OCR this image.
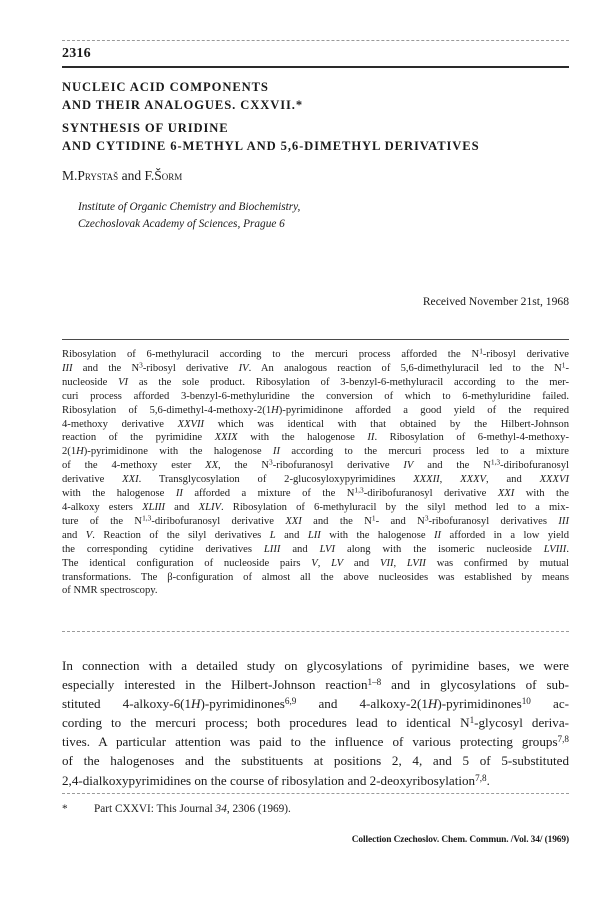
2316
NUCLEIC ACID COMPONENTS
AND THEIR ANALOGUES. CXXVII.*
SYNTHESIS OF URIDINE
AND CYTIDINE 6-METHYL AND 5,6-DIMETHYL DERIVATIVES
M.Prystaš and F.Šorm
Institute of Organic Chemistry and Biochemistry,
Czechoslovak Academy of Sciences, Prague 6
Received November 21st, 1968
Ribosylation of 6-methyluracil according to the mercuri process afforded the $N^1$-ribosyl derivative
III and the $N^3$-ribosyl derivative IV. An analogous reaction of 5,6-dimethyluracil led to the $N^1-$
nucleoside VI as the sole product. Ribosylation of 3-benzyl-6-methyluracil according to the mer-
curi process afforded 3-benzyl-6-methyluridine the conversion of which to 6-methyluridine failed.
Ribosylation of 5,6-dimethyl-4-methoxy-2(1H)-pyrimidinone afforded a good yield of the required
4-methoxy derivative XXVII which was identical with that obtained by the Hilbert-Johnson
reaction of the pyrimidine XXIX with the halogenose II. Ribosylation of 6-methyl-4-methoxy-
2(1H)-pyrimidinone with the halogenose II according to the mercuri process led to a mixture
of the 4-methoxy ester XX, the $N^3$-ribofuranosyl derivative IV and the N$^{1,3}$-diribofuranosyl
derivative XXI. Transglycosylation of 2-glucosyloxypyrimidines XXXII, XXXV, and XXXVI
with the halogenose II afforded a mixture of the N$^{1,3}$-diribofuranosyl derivative XXI with the
4-alkoxy esters XLIII and XLIV. Ribosylation of 6-methyluracil by the silyl method led to a mix-
ture of the N$^{1,3}$-diribofuranosyl derivative XXI and the $N^1-$ and $N^3$-ribofuranosyl derivatives III
and V. Reaction of the silyl derivatives L and LII with the halogenose II afforded in a low yield
the corresponding cytidine derivatives LIII and LVI along with the isomeric nucleoside LVIII.
The identical configuration of nucleoside pairs V, LV and VII, LVII was confirmed by mutual
transformations. The β-configuration of almost all the above nucleosides was established by means
of NMR spectroscopy.
In connection with a detailed study on glycosylations of pyrimidine bases, we were
especially interested in the Hilbert-Johnson reaction$^{1-8}$ and in glycosylations of sub-
stituted 4-alkoxy-6(1H)-pyrimidinones$^{6,9}$ and 4-alkoxy-2(1H)-pyrimidinones$^{10}$ ac-
cording to the mercuri process; both procedures lead to identical $N^1$-glycosyl deriva-
tives. A particular attention was paid to the influence of various protecting groups$^{7,8}$
of the halogenoses and the substituents at positions 2, 4, and 5 of 5-substituted
2,4-dialkoxypyrimidines on the course of ribosylation and 2-deoxyribosylation$^{7,8}$.
* Part CXXVI: This Journal 34, 2306 (1969).
Collection Czechoslov. Chem. Commun. /Vol. 34/ (1969)
